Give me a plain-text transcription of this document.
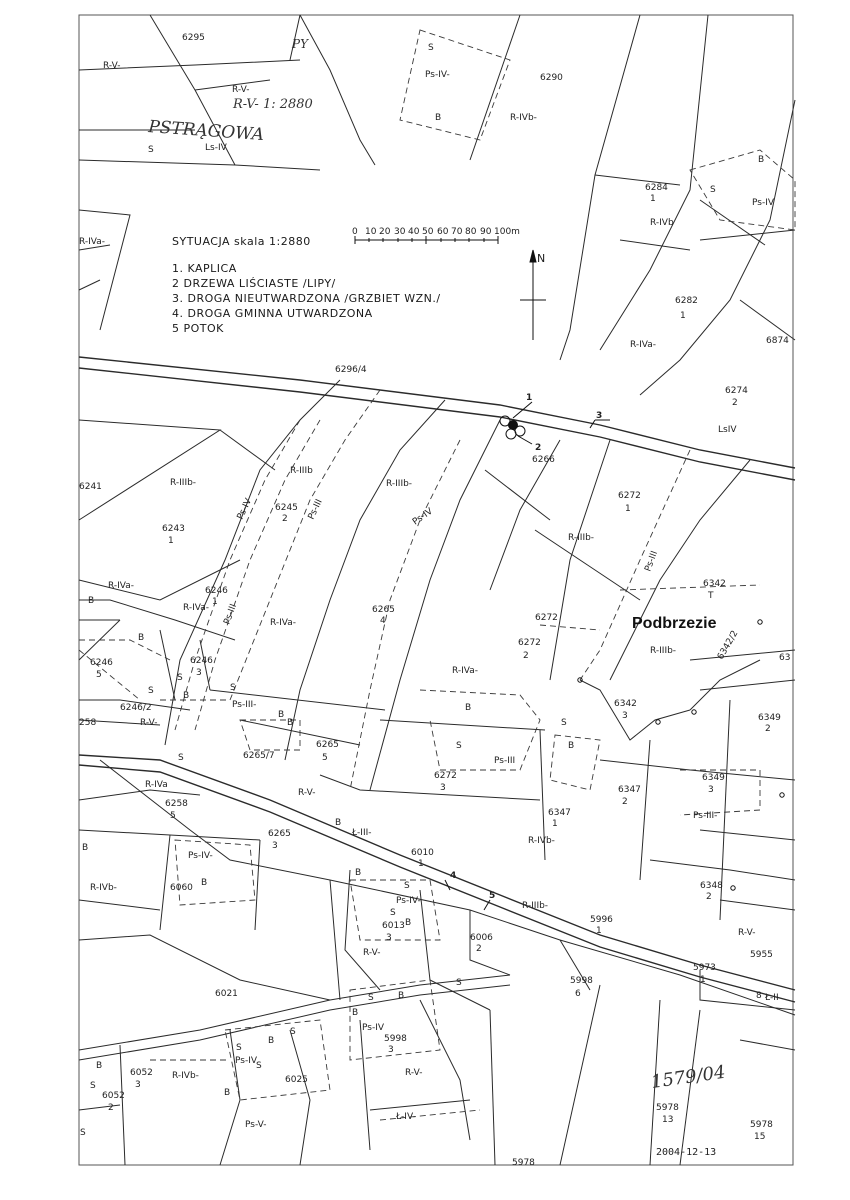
N
SYTUACJA skala 1:2880
0 10 20 30 40 50 60 70 80 90 100m
1. KAPLICA
2 DRZEWA LIŚCIASTE /LIPY/
3. DROGA NIEUTWARDZONA /GRZBIET WZN./
4. DROGA GMINNA UTWARDZONA
5 POTOK
Podbrzezie
PSTRĄGOWA
R-V- 1: 2880
PY
1
2
3
4
5
2004-12-13
1579/04
6295
6290
6284
1
6282
1
6274
2
6296/4
6266
6272
1
6241
6243
1
6245
2
6246
1
6265
4	6272
6272
2
6342
T
6246
5
6246
3
6246/2	6342
3	6349
2
6265
5
6265/7
6272
3	6347
2
6349
3
6347
1
6258
5
6265
3
6010
1
6348
2
6060
6013
3
5996
1
6006
2
5973
1
5955
8
6021
5998
6
5998
3
6025
6052
3
6052
2	5978
13	5978
15
5978
63
6342/2
258
6874
R-V-
R-V-
Ps-IV-
R-IVb-
Ls-IV
Ps-IV
R-IVb
R-IVa-
LsIV
R-IIIb-
R-IIIb
R-IIIb-
Ps-IV
R-IIIb-
R-IVa-
R-IVa-
R-IVa-
R-IIIb-
R-IVa-
Ps-III-
Ps-III
R-V-
R-V-
R-IVa
Ps-III
R-IVb-
Ps-III-
Ł-III-
Ps-IV-
Ps-IV-
R-IVb-
R-IIIb-
R-V-
R-V-
Ps-IV
Ps-IV
R-IVb-	R-V-
Ps-V-
Ł-IV-
Ł-II
R-IVa-
Ps-IV	Ps-III
Ps-III
S
B
S
B
S
B
B
S	B
S
B
S
S
B
B
S
B
S
B	S
B
S
B
S
B
S
B
S
B
S
S
B
S
B
S
B
B
